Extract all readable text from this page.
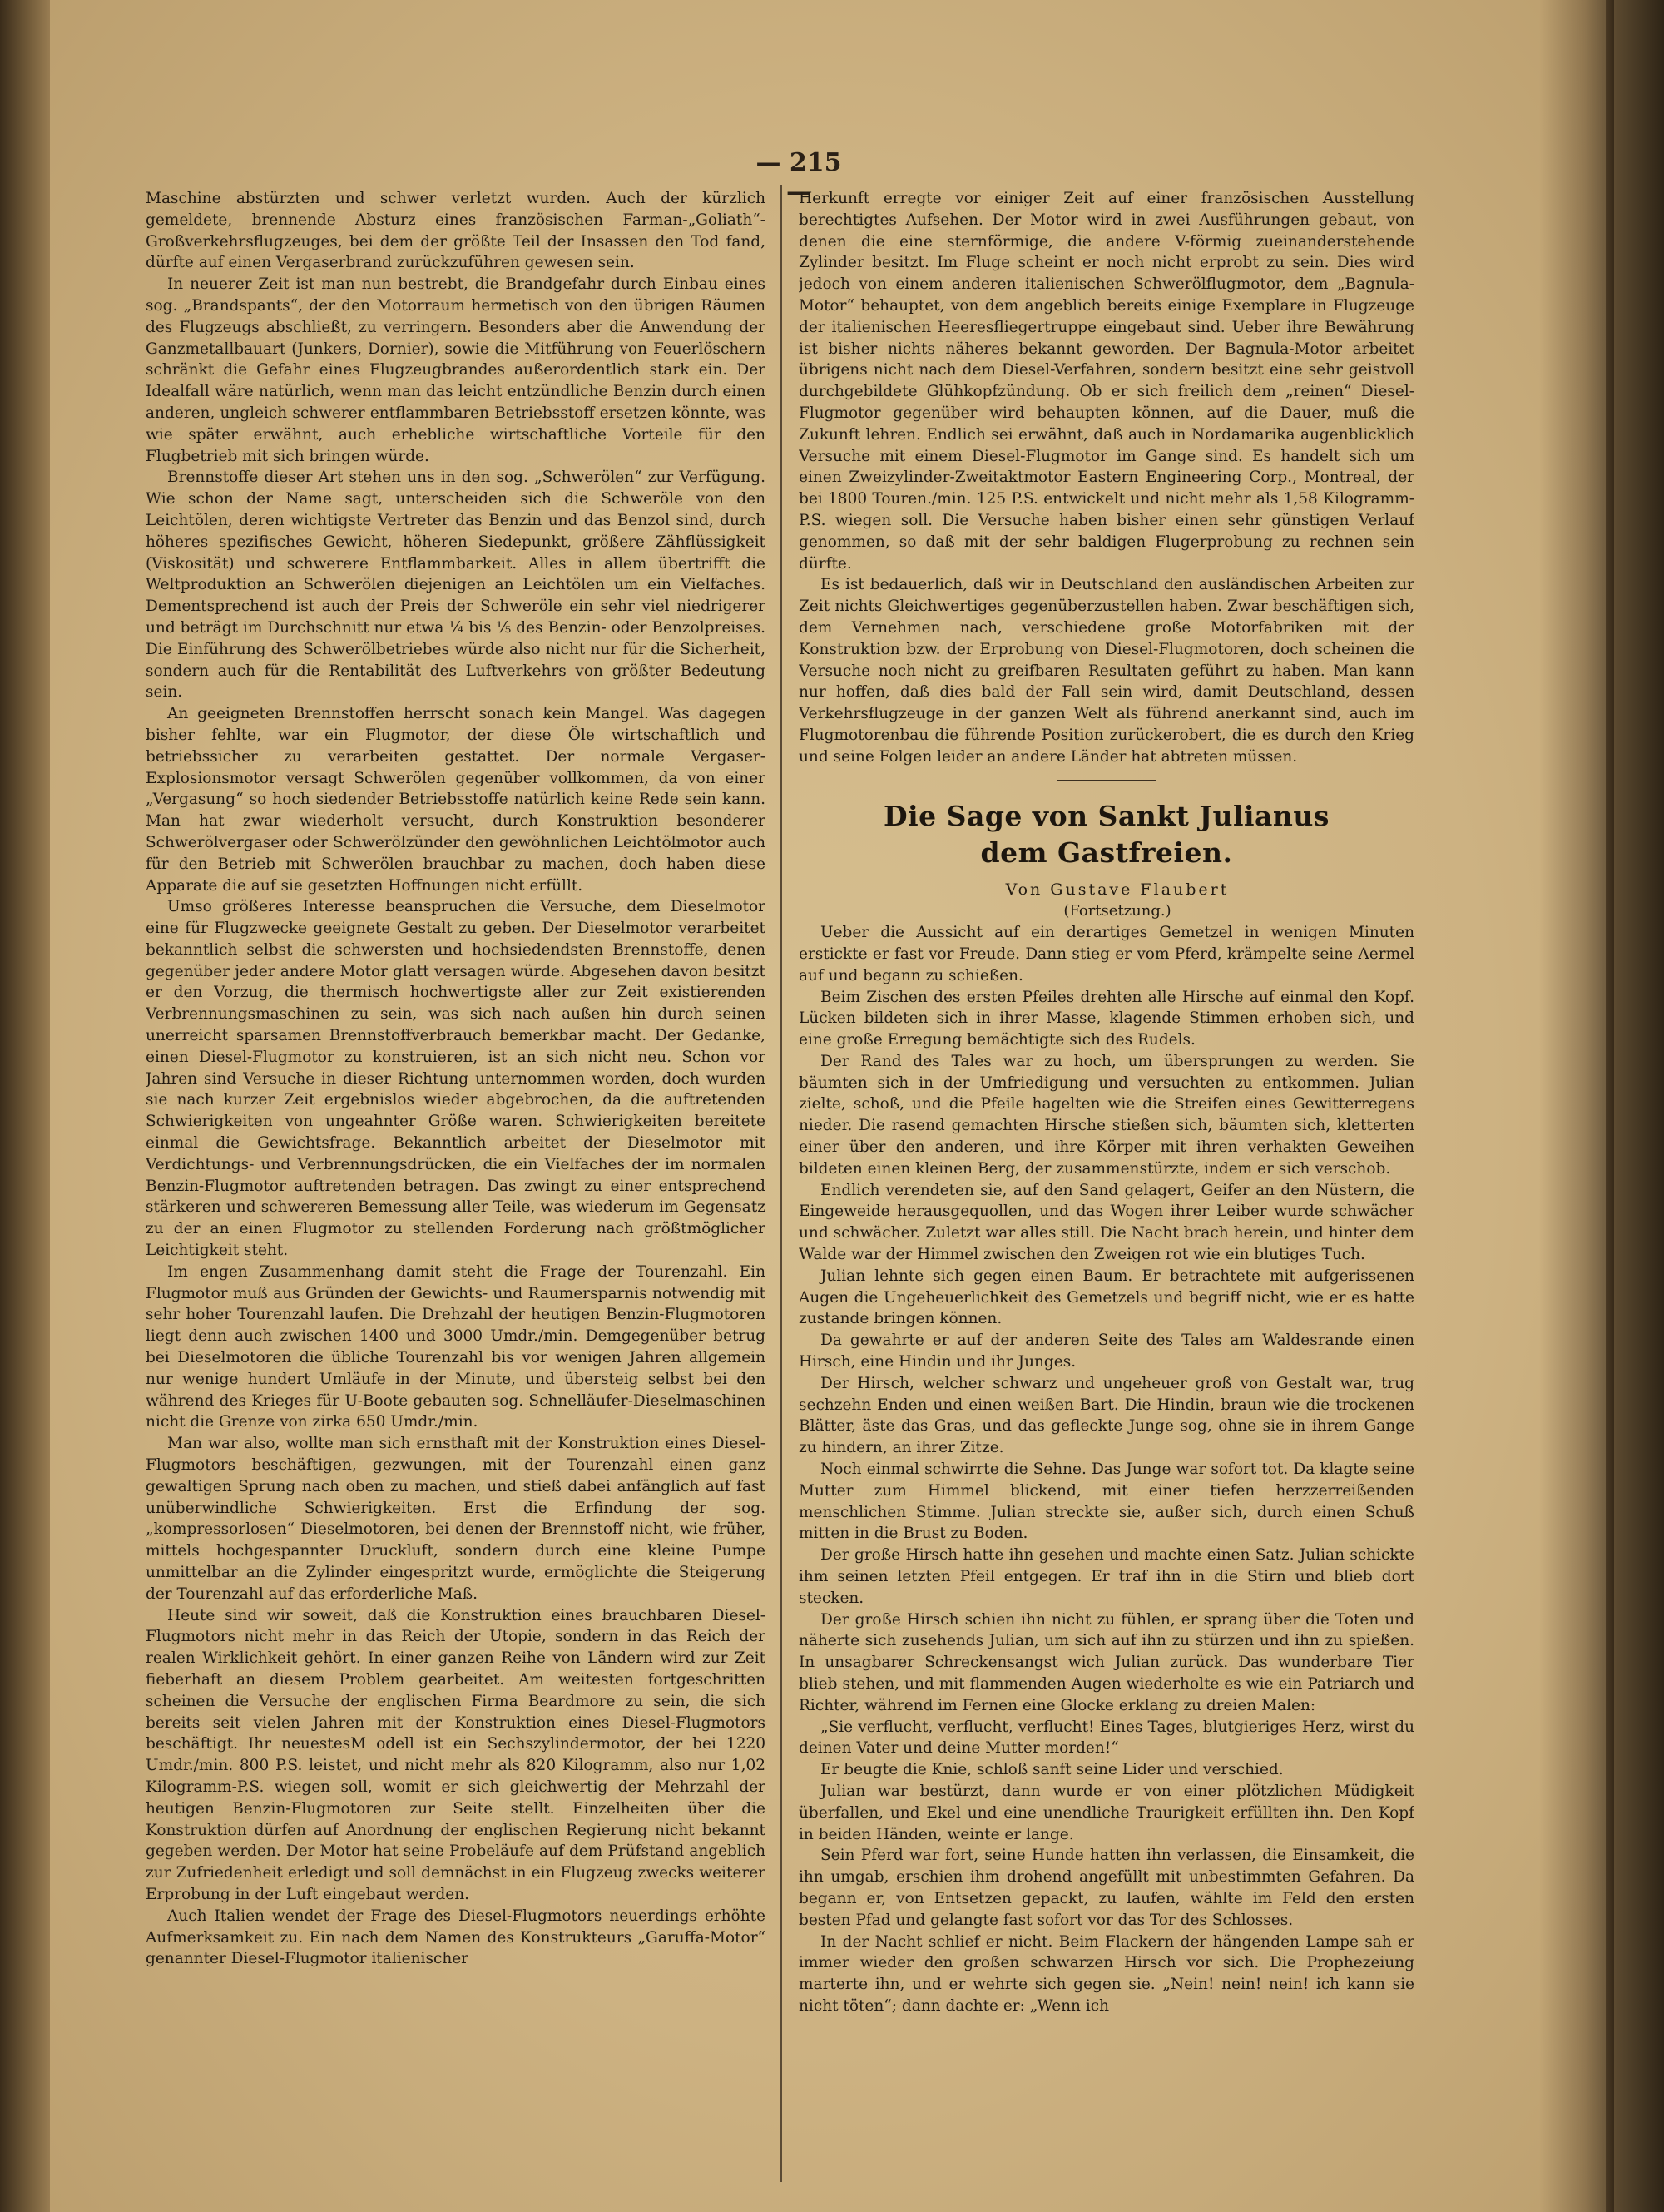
— 215 —

Maschine abstürzten und schwer verletzt wurden. Auch der kürzlich gemeldete, brennende Absturz eines französischen Farman-„Goliath“-Großverkehrsflugzeuges, bei dem der größte Teil der Insassen den Tod fand, dürfte auf einen Vergaserbrand zurückzuführen gewesen sein.

In neuerer Zeit ist man nun bestrebt, die Brandgefahr durch Einbau eines sog. „Brandspants“, der den Motorraum hermetisch von den übrigen Räumen des Flugzeugs abschließt, zu verringern. Besonders aber die Anwendung der Ganzmetallbauart (Junkers, Dornier), sowie die Mitführung von Feuerlöschern schränkt die Gefahr eines Flugzeugbrandes außerordentlich stark ein. Der Idealfall wäre natürlich, wenn man das leicht entzündliche Benzin durch einen anderen, ungleich schwerer entflammbaren Betriebsstoff ersetzen könnte, was wie später erwähnt, auch erhebliche wirtschaftliche Vorteile für den Flugbetrieb mit sich bringen würde.

Brennstoffe dieser Art stehen uns in den sog. „Schwerölen“ zur Verfügung. Wie schon der Name sagt, unterscheiden sich die Schweröle von den Leichtölen, deren wichtigste Vertreter das Benzin und das Benzol sind, durch höheres spezifisches Gewicht, höheren Siedepunkt, größere Zähflüssigkeit (Viskosität) und schwerere Entflammbarkeit. Alles in allem übertrifft die Weltproduktion an Schwerölen diejenigen an Leichtölen um ein Vielfaches. Dementsprechend ist auch der Preis der Schweröle ein sehr viel niedrigerer und beträgt im Durchschnitt nur etwa ¼ bis ⅕ des Benzin- oder Benzolpreises. Die Einführung des Schwerölbetriebes würde also nicht nur für die Sicherheit, sondern auch für die Rentabilität des Luftverkehrs von größter Bedeutung sein.

An geeigneten Brennstoffen herrscht sonach kein Mangel. Was dagegen bisher fehlte, war ein Flugmotor, der diese Öle wirtschaftlich und betriebssicher zu verarbeiten gestattet. Der normale Vergaser-Explosionsmotor versagt Schwerölen gegenüber vollkommen, da von einer „Vergasung“ so hoch siedender Betriebsstoffe natürlich keine Rede sein kann. Man hat zwar wiederholt versucht, durch Konstruktion besonderer Schwerölvergaser oder Schwerölzünder den gewöhnlichen Leichtölmotor auch für den Betrieb mit Schwerölen brauchbar zu machen, doch haben diese Apparate die auf sie gesetzten Hoffnungen nicht erfüllt.

Umso größeres Interesse beanspruchen die Versuche, dem Dieselmotor eine für Flugzwecke geeignete Gestalt zu geben. Der Dieselmotor verarbeitet bekanntlich selbst die schwersten und hochsiedendsten Brennstoffe, denen gegenüber jeder andere Motor glatt versagen würde. Abgesehen davon besitzt er den Vorzug, die thermisch hochwertigste aller zur Zeit existierenden Verbrennungsmaschinen zu sein, was sich nach außen hin durch seinen unerreicht sparsamen Brennstoffverbrauch bemerkbar macht. Der Gedanke, einen Diesel-Flugmotor zu konstruieren, ist an sich nicht neu. Schon vor Jahren sind Versuche in dieser Richtung unternommen worden, doch wurden sie nach kurzer Zeit ergebnislos wieder abgebrochen, da die auftretenden Schwierigkeiten von ungeahnter Größe waren. Schwierigkeiten bereitete einmal die Gewichtsfrage. Bekanntlich arbeitet der Dieselmotor mit Verdichtungs- und Verbrennungsdrücken, die ein Vielfaches der im normalen Benzin-Flugmotor auftretenden betragen. Das zwingt zu einer entsprechend stärkeren und schwereren Bemessung aller Teile, was wiederum im Gegensatz zu der an einen Flugmotor zu stellenden Forderung nach größtmöglicher Leichtigkeit steht.

Im engen Zusammenhang damit steht die Frage der Tourenzahl. Ein Flugmotor muß aus Gründen der Gewichts- und Raumersparnis notwendig mit sehr hoher Tourenzahl laufen. Die Drehzahl der heutigen Benzin-Flugmotoren liegt denn auch zwischen 1400 und 3000 Umdr./min. Demgegenüber betrug bei Dieselmotoren die übliche Tourenzahl bis vor wenigen Jahren allgemein nur wenige hundert Umläufe in der Minute, und übersteig selbst bei den während des Krieges für U-Boote gebauten sog. Schnelläufer-Dieselmaschinen nicht die Grenze von zirka 650 Umdr./min.

Man war also, wollte man sich ernsthaft mit der Konstruktion eines Diesel-Flugmotors beschäftigen, gezwungen, mit der Tourenzahl einen ganz gewaltigen Sprung nach oben zu machen, und stieß dabei anfänglich auf fast unüberwindliche Schwierigkeiten. Erst die Erfindung der sog. „kompressorlosen“ Dieselmotoren, bei denen der Brennstoff nicht, wie früher, mittels hochgespannter Druckluft, sondern durch eine kleine Pumpe unmittelbar an die Zylinder eingespritzt wurde, ermöglichte die Steigerung der Tourenzahl auf das erforderliche Maß.

Heute sind wir soweit, daß die Konstruktion eines brauchbaren Diesel-Flugmotors nicht mehr in das Reich der Utopie, sondern in das Reich der realen Wirklichkeit gehört. In einer ganzen Reihe von Ländern wird zur Zeit fieberhaft an diesem Problem gearbeitet. Am weitesten fortgeschritten scheinen die Versuche der englischen Firma Beardmore zu sein, die sich bereits seit vielen Jahren mit der Konstruktion eines Diesel-Flugmotors beschäftigt. Ihr neuestesM odell ist ein Sechszylindermotor, der bei 1220 Umdr./min. 800 P.S. leistet, und nicht mehr als 820 Kilogramm, also nur 1,02 Kilogramm-P.S. wiegen soll, womit er sich gleichwertig der Mehrzahl der heutigen Benzin-Flugmotoren zur Seite stellt. Einzelheiten über die Konstruktion dürfen auf Anordnung der englischen Regierung nicht bekannt gegeben werden. Der Motor hat seine Probeläufe auf dem Prüfstand angeblich zur Zufriedenheit erledigt und soll demnächst in ein Flugzeug zwecks weiterer Erprobung in der Luft eingebaut werden.

Auch Italien wendet der Frage des Diesel-Flugmotors neuerdings erhöhte Aufmerksamkeit zu. Ein nach dem Namen des Konstrukteurs „Garuffa-Motor“ genannter Diesel-Flugmotor italienischer

Herkunft erregte vor einiger Zeit auf einer französischen Ausstellung berechtigtes Aufsehen. Der Motor wird in zwei Ausführungen gebaut, von denen die eine sternförmige, die andere V-förmig zueinanderstehende Zylinder besitzt. Im Fluge scheint er noch nicht erprobt zu sein. Dies wird jedoch von einem anderen italienischen Schwerölflugmotor, dem „Bagnula-Motor“ behauptet, von dem angeblich bereits einige Exemplare in Flugzeuge der italienischen Heeresfliegertruppe eingebaut sind. Ueber ihre Bewährung ist bisher nichts näheres bekannt geworden. Der Bagnula-Motor arbeitet übrigens nicht nach dem Diesel-Verfahren, sondern besitzt eine sehr geistvoll durchgebildete Glühkopfzündung. Ob er sich freilich dem „reinen“ Diesel-Flugmotor gegenüber wird behaupten können, auf die Dauer, muß die Zukunft lehren. Endlich sei erwähnt, daß auch in Nordamarika augenblicklich Versuche mit einem Diesel-Flugmotor im Gange sind. Es handelt sich um einen Zweizylinder-Zweitaktmotor Eastern Engineering Corp., Montreal, der bei 1800 Touren./min. 125 P.S. entwickelt und nicht mehr als 1,58 Kilogramm-P.S. wiegen soll. Die Versuche haben bisher einen sehr günstigen Verlauf genommen, so daß mit der sehr baldigen Flugerprobung zu rechnen sein dürfte.

Es ist bedauerlich, daß wir in Deutschland den ausländischen Arbeiten zur Zeit nichts Gleichwertiges gegenüberzustellen haben. Zwar beschäftigen sich, dem Vernehmen nach, verschiedene große Motorfabriken mit der Konstruktion bzw. der Erprobung von Diesel-Flugmotoren, doch scheinen die Versuche noch nicht zu greifbaren Resultaten geführt zu haben. Man kann nur hoffen, daß dies bald der Fall sein wird, damit Deutschland, dessen Verkehrsflugzeuge in der ganzen Welt als führend anerkannt sind, auch im Flugmotorenbau die führende Position zurückerobert, die es durch den Krieg und seine Folgen leider an andere Länder hat abtreten müssen.

Die Sage von Sankt Julianus
dem Gastfreien.

Von Gustave Flaubert

(Fortsetzung.)

Ueber die Aussicht auf ein derartiges Gemetzel in wenigen Minuten erstickte er fast vor Freude. Dann stieg er vom Pferd, krämpelte seine Aermel auf und begann zu schießen.

Beim Zischen des ersten Pfeiles drehten alle Hirsche auf einmal den Kopf. Lücken bildeten sich in ihrer Masse, klagende Stimmen erhoben sich, und eine große Erregung bemächtigte sich des Rudels.

Der Rand des Tales war zu hoch, um übersprungen zu werden. Sie bäumten sich in der Umfriedigung und versuchten zu entkommen. Julian zielte, schoß, und die Pfeile hagelten wie die Streifen eines Gewitterregens nieder. Die rasend gemachten Hirsche stießen sich, bäumten sich, kletterten einer über den anderen, und ihre Körper mit ihren verhakten Geweihen bildeten einen kleinen Berg, der zusammenstürzte, indem er sich verschob.

Endlich verendeten sie, auf den Sand gelagert, Geifer an den Nüstern, die Eingeweide herausgequollen, und das Wogen ihrer Leiber wurde schwächer und schwächer. Zuletzt war alles still. Die Nacht brach herein, und hinter dem Walde war der Himmel zwischen den Zweigen rot wie ein blutiges Tuch.

Julian lehnte sich gegen einen Baum. Er betrachtete mit aufgerissenen Augen die Ungeheuerlichkeit des Gemetzels und begriff nicht, wie er es hatte zustande bringen können.

Da gewahrte er auf der anderen Seite des Tales am Waldesrande einen Hirsch, eine Hindin und ihr Junges.

Der Hirsch, welcher schwarz und ungeheuer groß von Gestalt war, trug sechzehn Enden und einen weißen Bart. Die Hindin, braun wie die trockenen Blätter, äste das Gras, und das gefleckte Junge sog, ohne sie in ihrem Gange zu hindern, an ihrer Zitze.

Noch einmal schwirrte die Sehne. Das Junge war sofort tot. Da klagte seine Mutter zum Himmel blickend, mit einer tiefen herzzerreißenden menschlichen Stimme. Julian streckte sie, außer sich, durch einen Schuß mitten in die Brust zu Boden.

Der große Hirsch hatte ihn gesehen und machte einen Satz. Julian schickte ihm seinen letzten Pfeil entgegen. Er traf ihn in die Stirn und blieb dort stecken.

Der große Hirsch schien ihn nicht zu fühlen, er sprang über die Toten und näherte sich zusehends Julian, um sich auf ihn zu stürzen und ihn zu spießen. In unsagbarer Schreckensangst wich Julian zurück. Das wunderbare Tier blieb stehen, und mit flammenden Augen wiederholte es wie ein Patriarch und Richter, während im Fernen eine Glocke erklang zu dreien Malen:

„Sie verflucht, verflucht, verflucht! Eines Tages, blutgieriges Herz, wirst du deinen Vater und deine Mutter morden!“

Er beugte die Knie, schloß sanft seine Lider und verschied.

Julian war bestürzt, dann wurde er von einer plötzlichen Müdigkeit überfallen, und Ekel und eine unendliche Traurigkeit erfüllten ihn. Den Kopf in beiden Händen, weinte er lange.

Sein Pferd war fort, seine Hunde hatten ihn verlassen, die Einsamkeit, die ihn umgab, erschien ihm drohend angefüllt mit unbestimmten Gefahren. Da begann er, von Entsetzen gepackt, zu laufen, wählte im Feld den ersten besten Pfad und gelangte fast sofort vor das Tor des Schlosses.

In der Nacht schlief er nicht. Beim Flackern der hängenden Lampe sah er immer wieder den großen schwarzen Hirsch vor sich. Die Prophezeiung marterte ihn, und er wehrte sich gegen sie. „Nein! nein! nein! ich kann sie nicht töten“; dann dachte er: „Wenn ich
